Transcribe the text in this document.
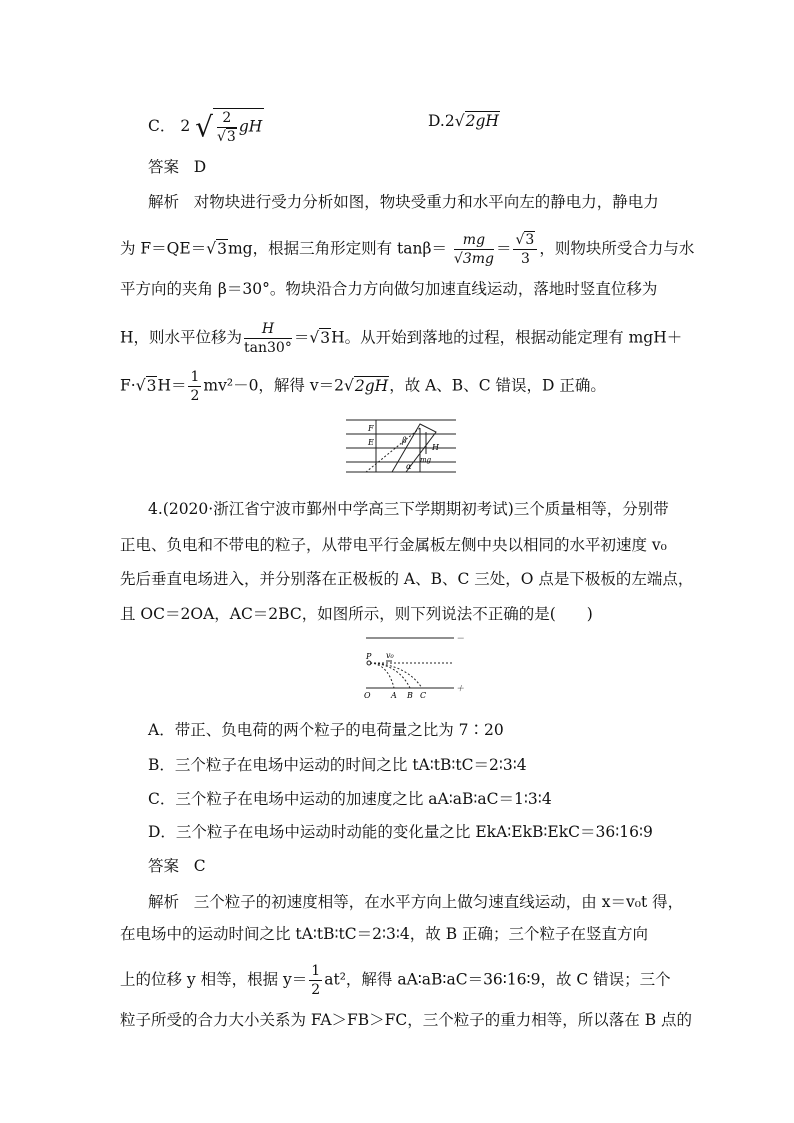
C． 2 √ $\frac{2}{√3}$ gH	D.2√2gH
答案 D
解析 对物块进行受力分析如图，物块受重力和水平向左的静电力，静电力
为 F＝QE＝√3mg，根据三角形定则有 $\tan\beta= \frac{mg}{√3mg} = \frac{√3}{3}$ ，则物块所受合力与水
平方向的夹角 β＝30°。物块沿合力方向做匀加速直线运动，落地时竖直位移为
H，则水平位移为 $\frac{H}{\tan 30^\circ} =√3H$。从开始到落地的过程，根据动能定理有 mgH＋
$F\cdot√3H= \frac{1}{2} mv^2-0$，解得 v＝2√2gH，故 A、B、C 错误，D 正确。
F
E	β
H
mg
α
4.(2020·浙江省宁波市鄞州中学高三下学期期初考试)三个质量相等，分别带
正电、负电和不带电的粒子，从带电平行金属板左侧中央以相同的水平初速度 v₀
先后垂直电场进入，并分别落在正极板的 A、B、C 三处，O 点是下极板的左端点，
且 OC＝2OA，AC＝2BC，如图所示，则下列说法不正确的是(　　)
P v₀
O	A B C
－
＋
A．带正、负电荷的两个粒子的电荷量之比为 7∶20
B．三个粒子在电场中运动的时间之比 tA∶tB∶tC＝2∶3∶4
C．三个粒子在电场中运动的加速度之比 aA∶aB∶aC＝1∶3∶4
D．三个粒子在电场中运动时动能的变化量之比 EkA∶EkB∶EkC＝36∶16∶9
答案 C
解析 三个粒子的初速度相等，在水平方向上做匀速直线运动，由 x＝v₀t 得，
在电场中的运动时间之比 tA∶tB∶tC＝2∶3∶4，故 B 正确；三个粒子在竖直方向
上的位移 y 相等，根据 $y= \frac{1}{2} at^2$，解得 aA∶aB∶aC＝36∶16∶9，故 C 错误；三个
粒子所受的合力大小关系为 FA＞FB＞FC，三个粒子的重力相等，所以落在 B 点的
